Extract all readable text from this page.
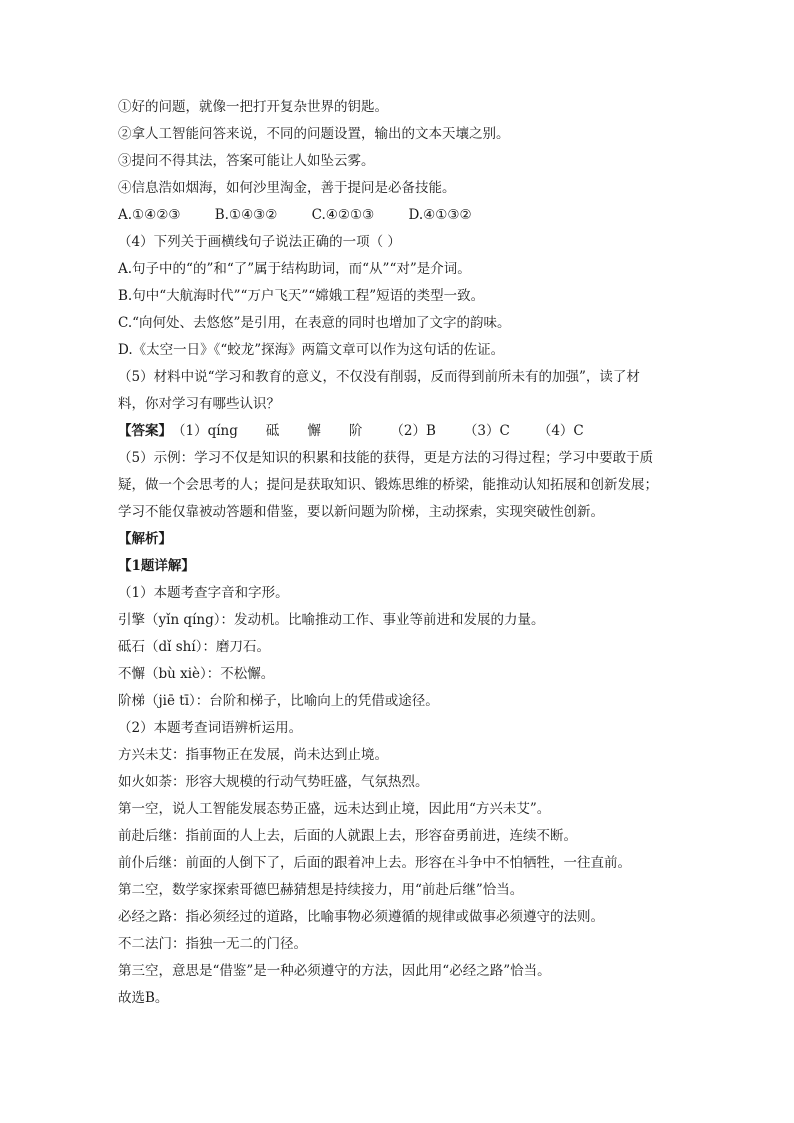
①好的问题，就像一把打开复杂世界的钥匙。
②拿人工智能问答来说，不同的问题设置，输出的文本天壤之别。
③提问不得其法，答案可能让人如坠云雾。
④信息浩如烟海，如何沙里淘金，善于提问是必备技能。
A.①④②③	B.①④③②	C.④②①③	D.④①③②
（4）下列关于画横线句子说法正确的一项（ ）
A.句子中的“的”和“了”属于结构助词，而“从”“对”是介词。
B.句中“大航海时代”“万户飞天”“嫦娥工程”短语的类型一致。
C.“向何处、去悠悠”是引用，在表意的同时也增加了文字的韵味。
D.《太空一日》《“蛟龙”探海》两篇文章可以作为这句话的佐证。
（5）材料中说“学习和教育的意义，不仅没有削弱，反而得到前所未有的加强”，读了材
料，你对学习有哪些认识？
【答案】（1）qíng 砥 懈 阶 （2）B （3）C （4）C
（5）示例：学习不仅是知识的积累和技能的获得，更是方法的习得过程；学习中要敢于质
疑，做一个会思考的人；提问是获取知识、锻炼思维的桥梁，能推动认知拓展和创新发展；
学习不能仅靠被动答题和借鉴，要以新问题为阶梯，主动探索，实现突破性创新。
【解析】
【1题详解】
（1）本题考查字音和字形。
引擎（yǐn qíng）：发动机。比喻推动工作、事业等前进和发展的力量。
砥石（dǐ shí）：磨刀石。
不懈（bù xiè）：不松懈。
阶梯（jiē tī）：台阶和梯子，比喻向上的凭借或途径。
（2）本题考查词语辨析运用。
方兴未艾：指事物正在发展，尚未达到止境。
如火如荼：形容大规模的行动气势旺盛，气氛热烈。
第一空，说人工智能发展态势正盛，远未达到止境，因此用“方兴未艾”。
前赴后继：指前面的人上去，后面的人就跟上去，形容奋勇前进，连续不断。
前仆后继：前面的人倒下了，后面的跟着冲上去。形容在斗争中不怕牺牲，一往直前。
第二空，数学家探索哥德巴赫猜想是持续接力，用“前赴后继”恰当。
必经之路：指必须经过的道路，比喻事物必须遵循的规律或做事必须遵守的法则。
不二法门：指独一无二的门径。
第三空，意思是“借鉴”是一种必须遵守的方法，因此用“必经之路”恰当。
故选B。
